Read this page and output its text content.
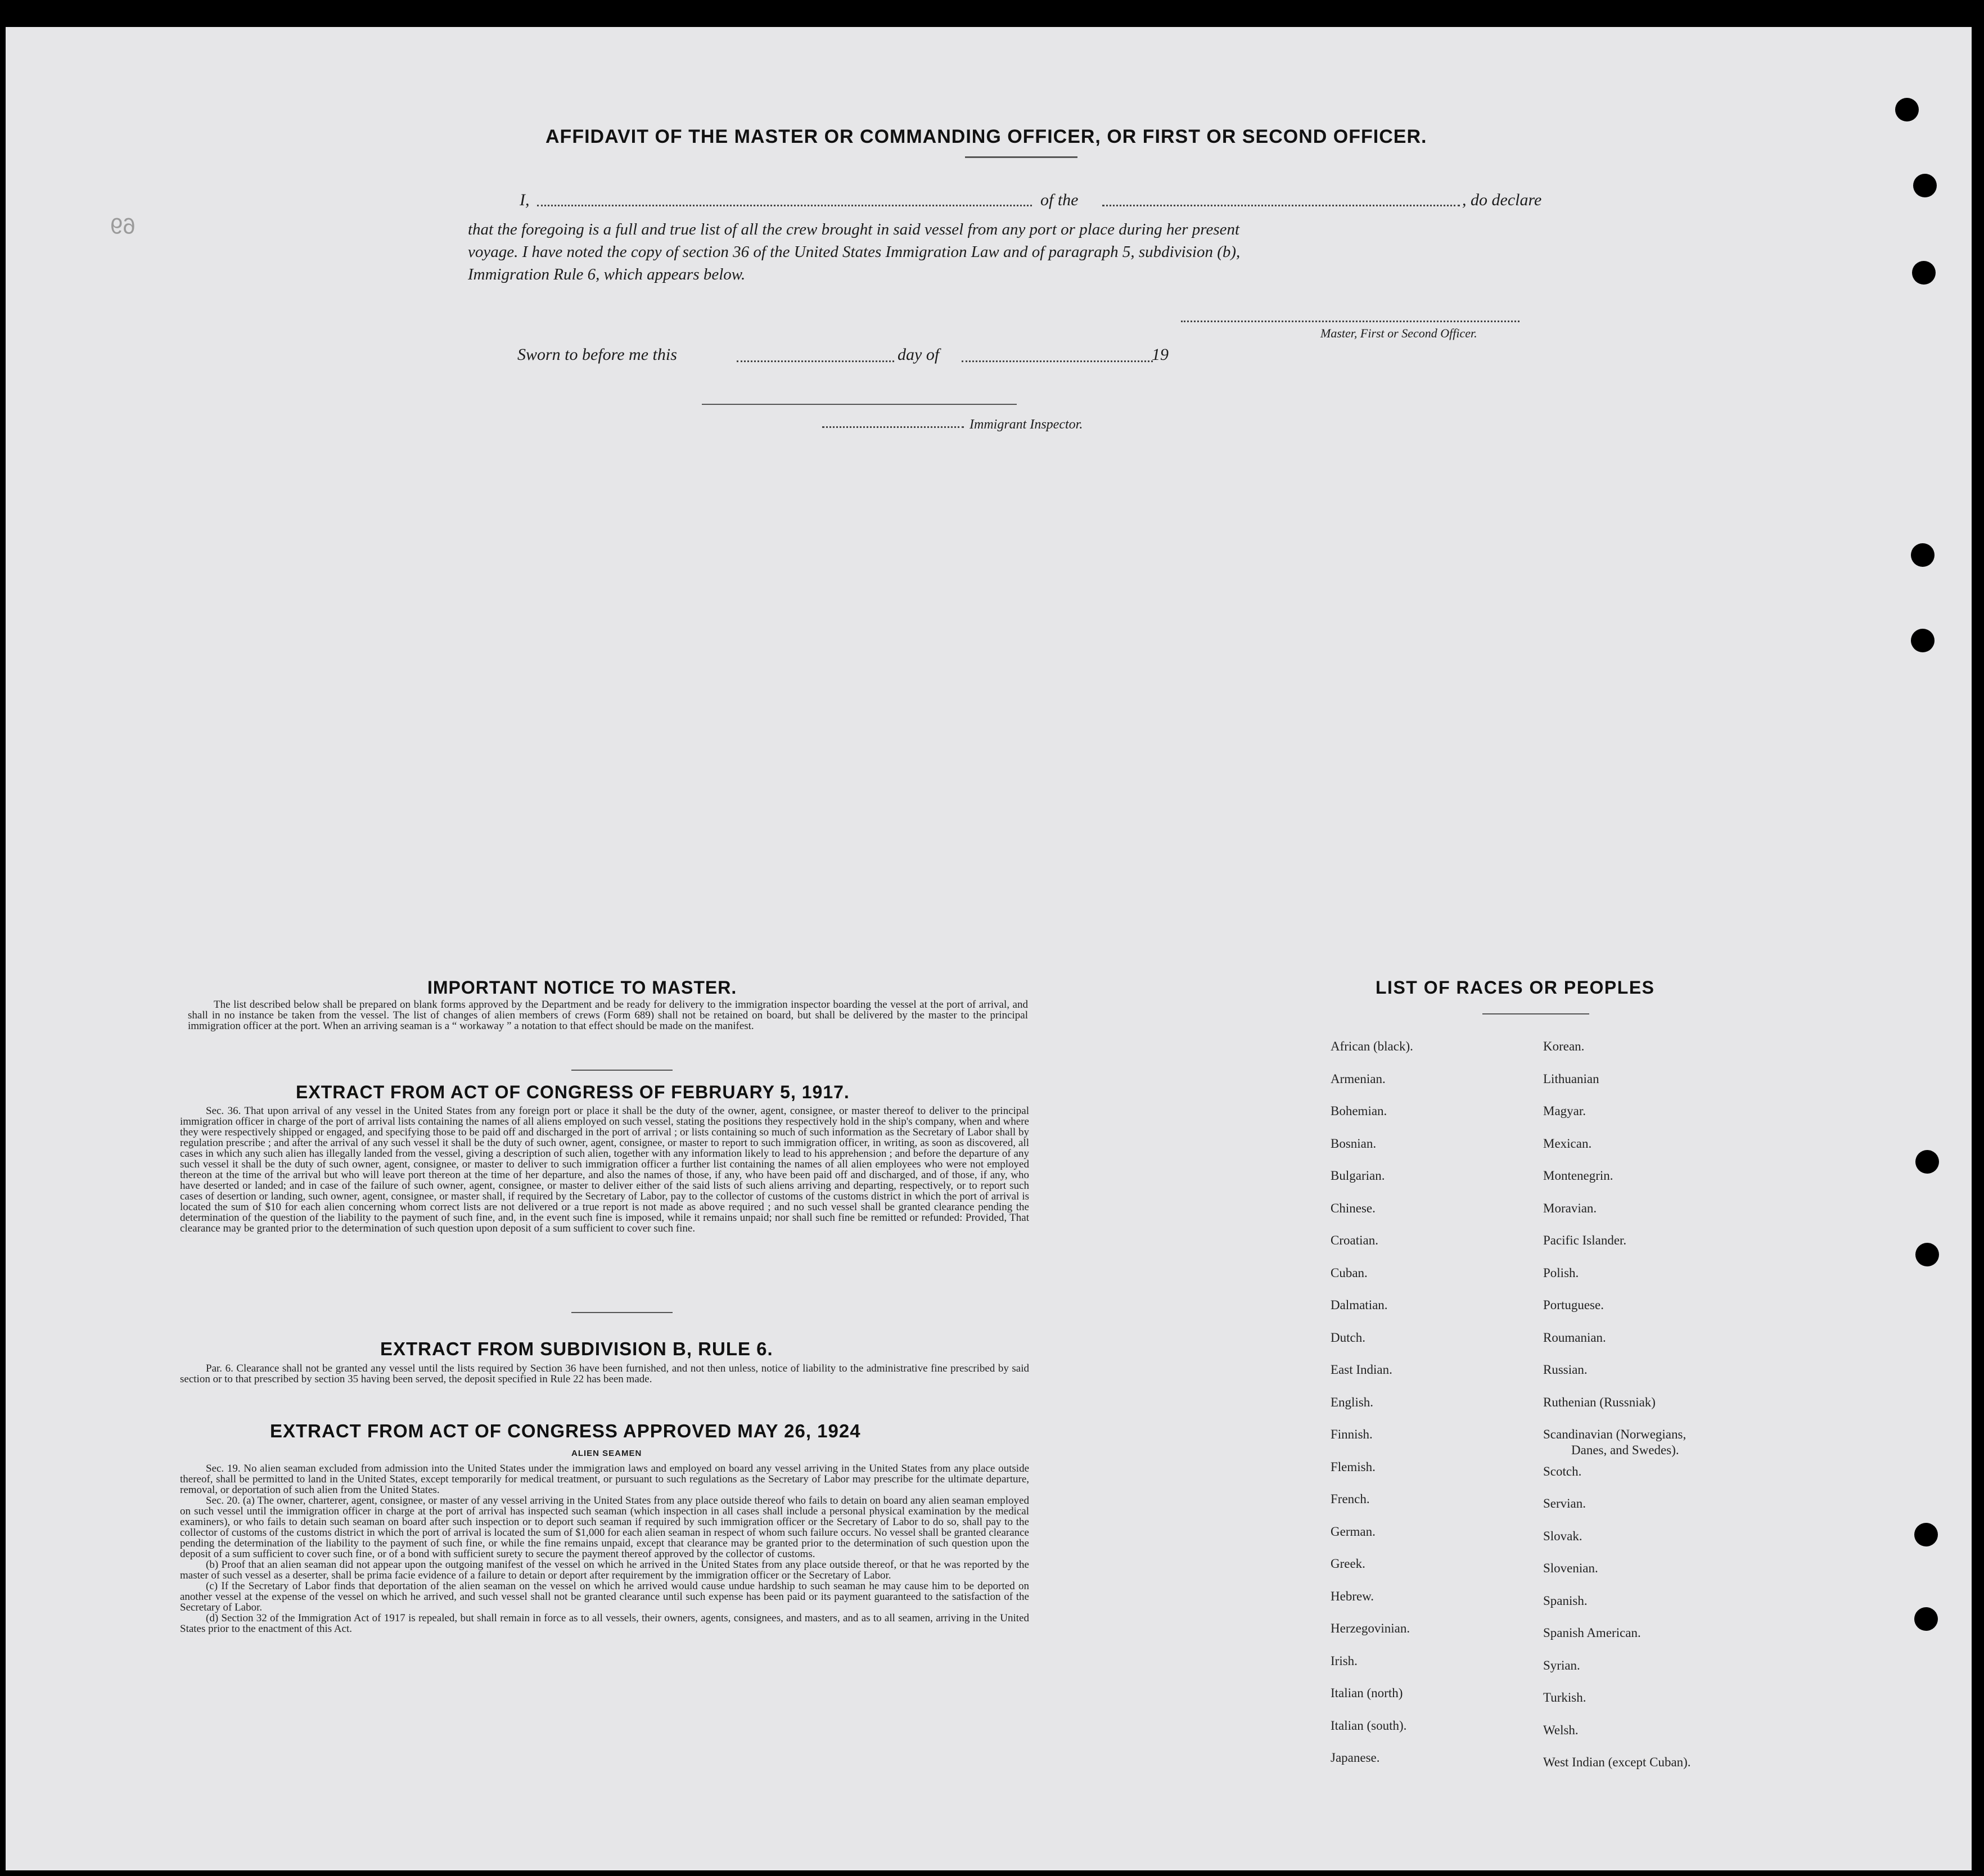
69
AFFIDAVIT OF THE MASTER OR COMMANDING OFFICER, OR FIRST OR SECOND OFFICER.
I,	of the	, do declare
that the foregoing is a full and true list of all the crew brought in said vessel from any port or place during her present
voyage. I have noted the copy of section 36 of the United States Immigration Law and of paragraph 5, subdivision (b),
Immigration Rule 6, which appears below.
Master, First or Second Officer.
Sworn to before me this	day of	19
Immigrant Inspector.
IMPORTANT NOTICE TO MASTER.

The list described below shall be prepared on blank forms approved by the Department and be ready for delivery to the immigration inspector boarding the vessel at the port of arrival, and shall in no instance be taken from the vessel. The list of changes of alien members of crews (Form 689) shall not be retained on board, but shall be delivered by the master to the principal immigration officer at the port. When an arriving seaman is a “ workaway ” a notation to that effect should be made on the manifest.

EXTRACT FROM ACT OF CONGRESS OF FEBRUARY 5, 1917.

Sec. 36. That upon arrival of any vessel in the United States from any foreign port or place it shall be the duty of the owner, agent, consignee, or master thereof to deliver to the principal immigration officer in charge of the port of arrival lists containing the names of all aliens employed on such vessel, stating the positions they respectively hold in the ship's company, when and where they were respectively shipped or engaged, and specifying those to be paid off and discharged in the port of arrival ; or lists containing so much of such information as the Secretary of Labor shall by regulation prescribe ; and after the arrival of any such vessel it shall be the duty of such owner, agent, consignee, or master to report to such immigration officer, in writing, as soon as discovered, all cases in which any such alien has illegally landed from the vessel, giving a description of such alien, together with any information likely to lead to his apprehension ; and before the departure of any such vessel it shall be the duty of such owner, agent, consignee, or master to deliver to such immigration officer a further list containing the names of all alien employees who were not employed thereon at the time of the arrival but who will leave port thereon at the time of her departure, and also the names of those, if any, who have been paid off and discharged, and of those, if any, who have deserted or landed; and in case of the failure of such owner, agent, consignee, or master to deliver either of the said lists of such aliens arriving and departing, respectively, or to report such cases of desertion or landing, such owner, agent, consignee, or master shall, if required by the Secretary of Labor, pay to the collector of customs of the customs district in which the port of arrival is located the sum of $10 for each alien concerning whom correct lists are not delivered or a true report is not made as above required ; and no such vessel shall be granted clearance pending the determination of the question of the liability to the payment of such fine, and, in the event such fine is imposed, while it remains unpaid; nor shall such fine be remitted or refunded: Provided, That clearance may be granted prior to the determination of such question upon deposit of a sum sufficient to cover such fine.

EXTRACT FROM SUBDIVISION B, RULE 6.

Par. 6. Clearance shall not be granted any vessel until the lists required by Section 36 have been furnished, and not then unless, notice of liability to the administrative fine prescribed by said section or to that prescribed by section 35 having been served, the deposit specified in Rule 22 has been made.

EXTRACT FROM ACT OF CONGRESS APPROVED MAY 26, 1924
ALIEN SEAMEN

Sec. 19. No alien seaman excluded from admission into the United States under the immigration laws and employed on board any vessel arriving in the United States from any place outside thereof, shall be permitted to land in the United States, except temporarily for medical treatment, or pursuant to such regulations as the Secretary of Labor may prescribe for the ultimate departure, removal, or deportation of such alien from the United States.

Sec. 20. (a) The owner, charterer, agent, consignee, or master of any vessel arriving in the United States from any place outside thereof who fails to detain on board any alien seaman employed on such vessel until the immigration officer in charge at the port of arrival has inspected such seaman (which inspection in all cases shall include a personal physical examination by the medical examiners), or who fails to detain such seaman on board after such inspection or to deport such seaman if required by such immigration officer or the Secretary of Labor to do so, shall pay to the collector of customs of the customs district in which the port of arrival is located the sum of $1,000 for each alien seaman in respect of whom such failure occurs. No vessel shall be granted clearance pending the determination of the liability to the payment of such fine, or while the fine remains unpaid, except that clearance may be granted prior to the determination of such question upon the deposit of a sum sufficient to cover such fine, or of a bond with sufficient surety to secure the payment thereof approved by the collector of customs.

(b) Proof that an alien seaman did not appear upon the outgoing manifest of the vessel on which he arrived in the United States from any place outside thereof, or that he was reported by the master of such vessel as a deserter, shall be prima facie evidence of a failure to detain or deport after requirement by the immigration officer or the Secretary of Labor.

(c) If the Secretary of Labor finds that deportation of the alien seaman on the vessel on which he arrived would cause undue hardship to such seaman he may cause him to be deported on another vessel at the expense of the vessel on which he arrived, and such vessel shall not be granted clearance until such expense has been paid or its payment guaranteed to the satisfaction of the Secretary of Labor.

(d) Section 32 of the Immigration Act of 1917 is repealed, but shall remain in force as to all vessels, their owners, agents, consignees, and masters, and as to all seamen, arriving in the United States prior to the enactment of this Act.

LIST OF RACES OR PEOPLES
African (black).
Armenian.
Bohemian.
Bosnian.
Bulgarian.
Chinese.
Croatian.
Cuban.
Dalmatian.
Dutch.
East Indian.
English.
Finnish.
Flemish.
French.
German.
Greek.
Hebrew.
Herzegovinian.
Irish.
Italian (north)
Italian (south).
Japanese.
Korean.
Lithuanian
Magyar.
Mexican.
Montenegrin.
Moravian.
Pacific Islander.
Polish.
Portuguese.
Roumanian.
Russian.
Ruthenian (Russniak)
Scandinavian (Norwegians,
Danes, and Swedes).
Scotch.
Servian.
Slovak.
Slovenian.
Spanish.
Spanish American.
Syrian.
Turkish.
Welsh.
West Indian (except Cuban).
